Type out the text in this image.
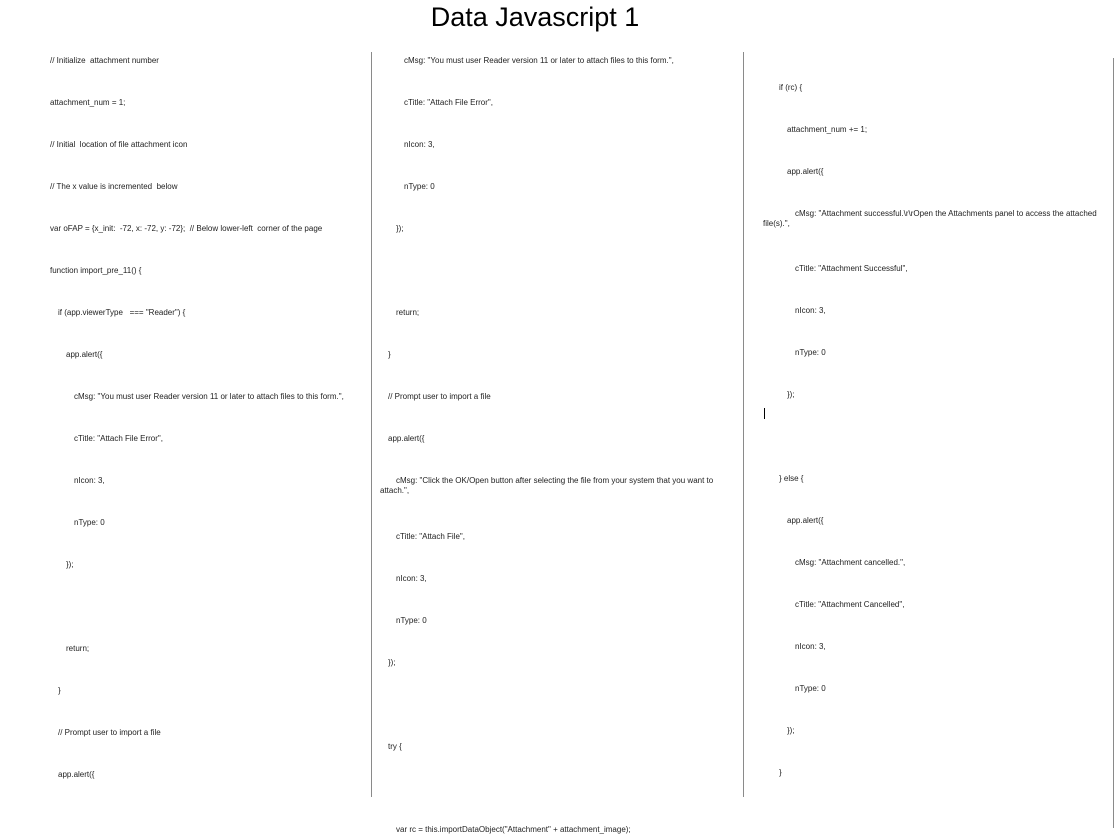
Data Javascript 1
// Initialize  attachment number
attachment_num = 1;
// Initial  location of file attachment icon
// The x value is incremented  below
var oFAP = {x_init:  -72, x: -72, y: -72};  // Below lower-left  corner of the page
function import_pre_11() {
if (app.viewerType   === "Reader") {
app.alert({
cMsg: "You must user Reader version 11 or later to attach files to this form.",
cTitle: "Attach File Error",
nIcon: 3,
nType: 0
});
return;
}
// Prompt user to import a file
app.alert({
cMsg: "You must user Reader version 11 or later to attach files to this form.",
cTitle: "Attach File Error",
nIcon: 3,
nType: 0
});
return;
}
// Prompt user to import a file
app.alert({
cMsg: "Click the OK/Open button after selecting the file from your system that you want to attach.",
cTitle: "Attach File",
nIcon: 3,
nType: 0
});
try {
var rc = this.importDataObject("Attachment" + attachment_image);
if (rc) {
attachment_num += 1;
app.alert({
cMsg: "Attachment successful.\r\rOpen the Attachments panel to access the attached file(s).",
cTitle: "Attachment Successful",
nIcon: 3,
nType: 0
});
} else {
app.alert({
cMsg: "Attachment cancelled.",
cTitle: "Attachment Cancelled",
nIcon: 3,
nType: 0
});
}
